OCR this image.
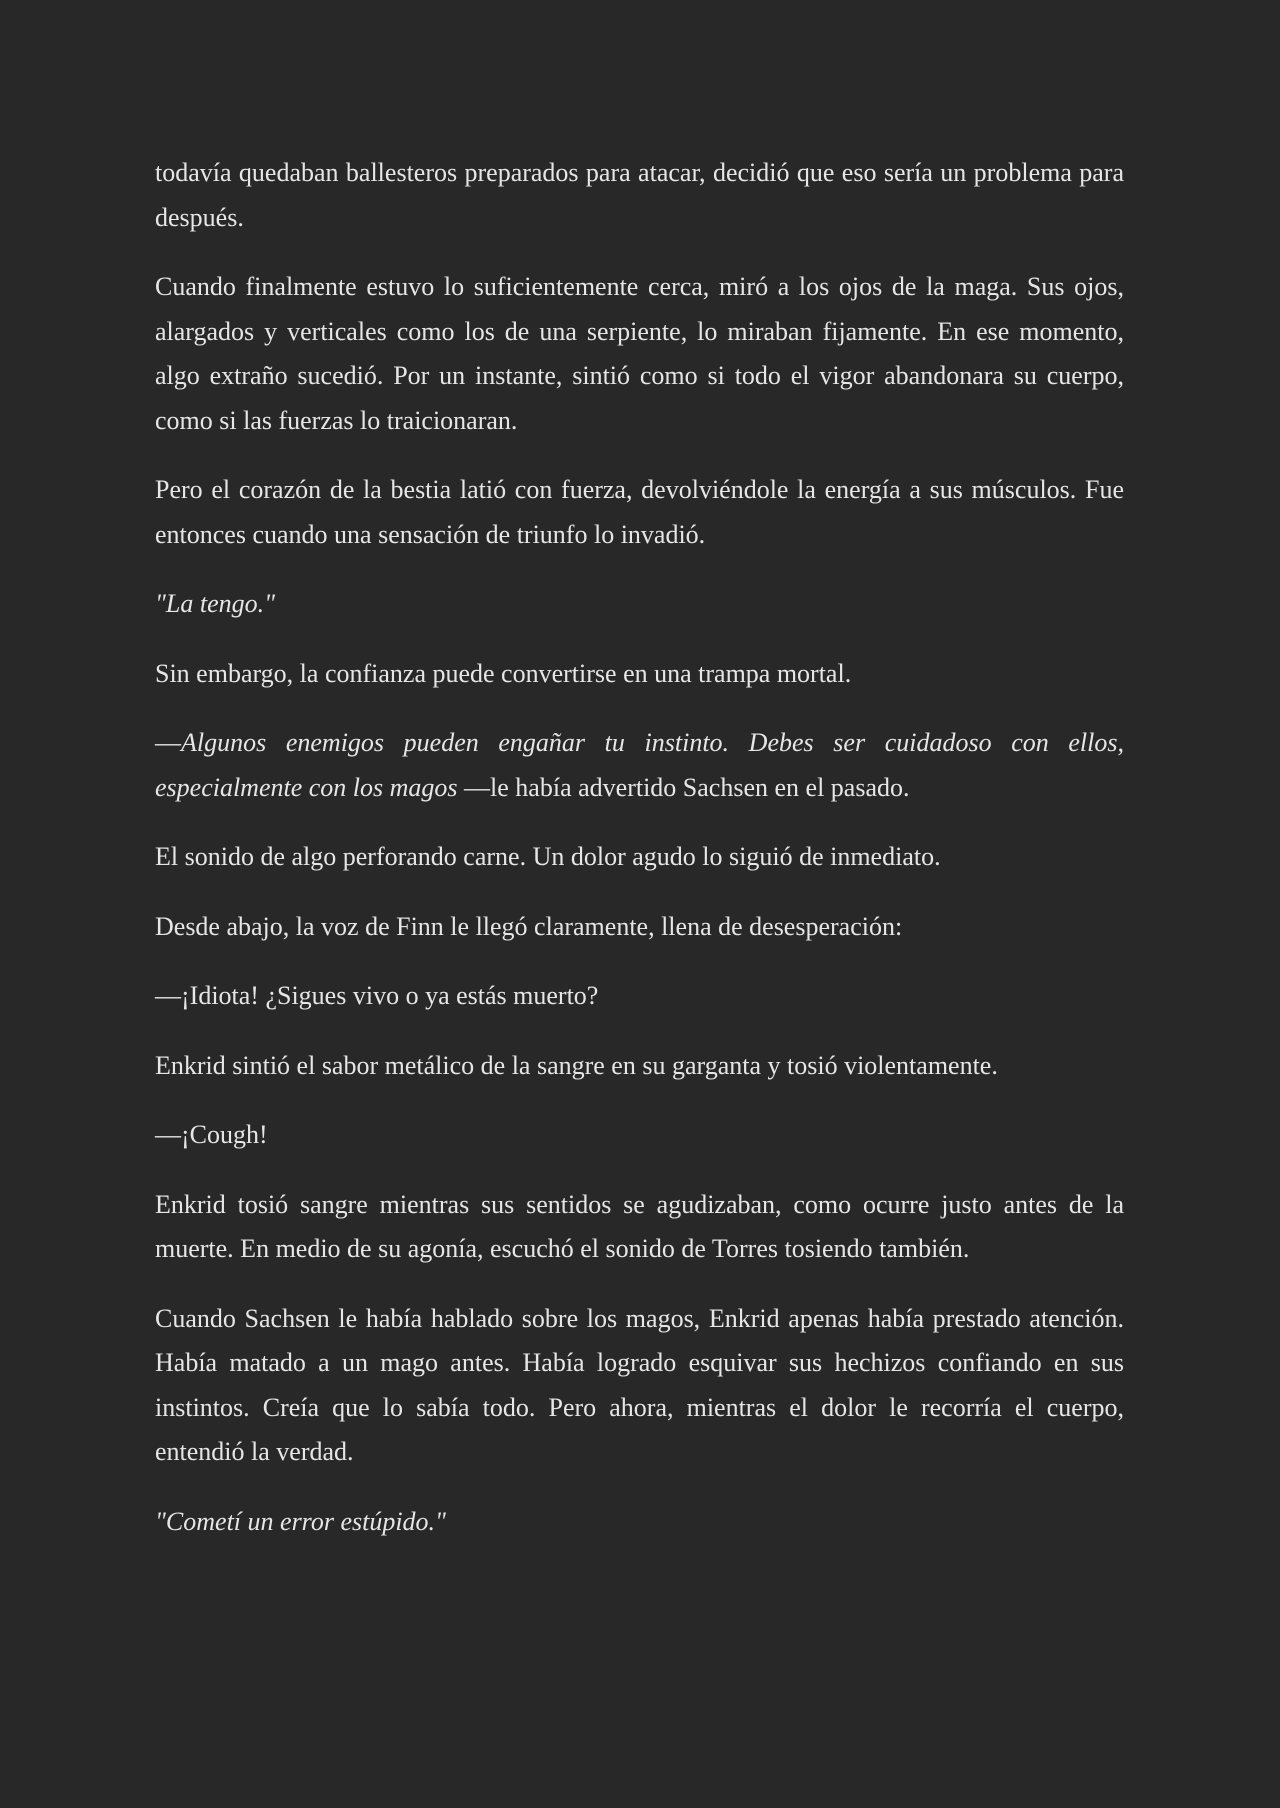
todavía quedaban ballesteros preparados para atacar, decidió que eso sería un problema para después.

Cuando finalmente estuvo lo suficientemente cerca, miró a los ojos de la maga. Sus ojos, alargados y verticales como los de una serpiente, lo miraban fijamente. En ese momento, algo extraño sucedió. Por un instante, sintió como si todo el vigor abandonara su cuerpo, como si las fuerzas lo traicionaran.

Pero el corazón de la bestia latió con fuerza, devolviéndole la energía a sus músculos. Fue entonces cuando una sensación de triunfo lo invadió.

"La tengo."

Sin embargo, la confianza puede convertirse en una trampa mortal.

—Algunos enemigos pueden engañar tu instinto. Debes ser cuidadoso con ellos, especialmente con los magos —le había advertido Sachsen en el pasado.

El sonido de algo perforando carne. Un dolor agudo lo siguió de inmediato.

Desde abajo, la voz de Finn le llegó claramente, llena de desesperación:

—¡Idiota! ¿Sigues vivo o ya estás muerto?

Enkrid sintió el sabor metálico de la sangre en su garganta y tosió violentamente.

—¡Cough!

Enkrid tosió sangre mientras sus sentidos se agudizaban, como ocurre justo antes de la muerte. En medio de su agonía, escuchó el sonido de Torres tosiendo también.

Cuando Sachsen le había hablado sobre los magos, Enkrid apenas había prestado atención. Había matado a un mago antes. Había logrado esquivar sus hechizos confiando en sus instintos. Creía que lo sabía todo. Pero ahora, mientras el dolor le recorría el cuerpo, entendió la verdad.

"Cometí un error estúpido."
